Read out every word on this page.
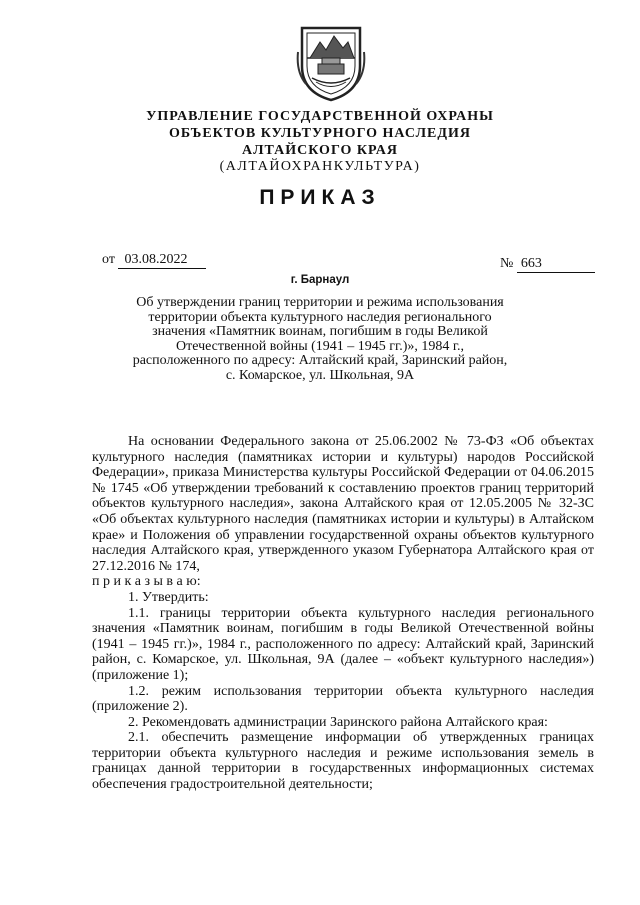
УПРАВЛЕНИЕ ГОСУДАРСТВЕННОЙ ОХРАНЫ
ОБЪЕКТОВ КУЛЬТУРНОГО НАСЛЕДИЯ
АЛТАЙСКОГО КРАЯ
(АЛТАЙОХРАНКУЛЬТУРА)
ПРИКАЗ
от 03.08.2022	№ 663
г. Барнаул
Об утверждении границ территории и режима использования территории объекта культурного наследия регионального значения «Памятник воинам, погибшим в годы Великой Отечественной войны (1941 – 1945 гг.)», 1984 г., расположенного по адресу: Алтайский край, Заринский район, с. Комарское, ул. Школьная, 9А

На основании Федерального закона от 25.06.2002 № 73-ФЗ «Об объектах культурного наследия (памятниках истории и культуры) народов Российской Федерации», приказа Министерства культуры Российской Федерации от 04.06.2015 № 1745 «Об утверждении требований к составлению проектов границ территорий объектов культурного наследия», закона Алтайского края от 12.05.2005 № 32-ЗС «Об объектах культурного наследия (памятниках истории и культуры) в Алтайском крае» и Положения об управлении государственной охраны объектов культурного наследия Алтайского края, утвержденного указом Губернатора Алтайского края от 27.12.2016 № 174,

п р и к а з ы в а ю:

1. Утвердить:

1.1. границы территории объекта культурного наследия регионального значения «Памятник воинам, погибшим в годы Великой Отечественной войны (1941 – 1945 гг.)», 1984 г., расположенного по адресу: Алтайский край, Заринский район, с. Комарское, ул. Школьная, 9А (далее – «объект культурного наследия») (приложение 1);

1.2. режим использования территории объекта культурного наследия (приложение 2).

2. Рекомендовать администрации Заринского района Алтайского края:

2.1. обеспечить размещение информации об утвержденных границах территории объекта культурного наследия и режиме использования земель в границах данной территории в государственных информационных системах обеспечения градостроительной деятельности;
